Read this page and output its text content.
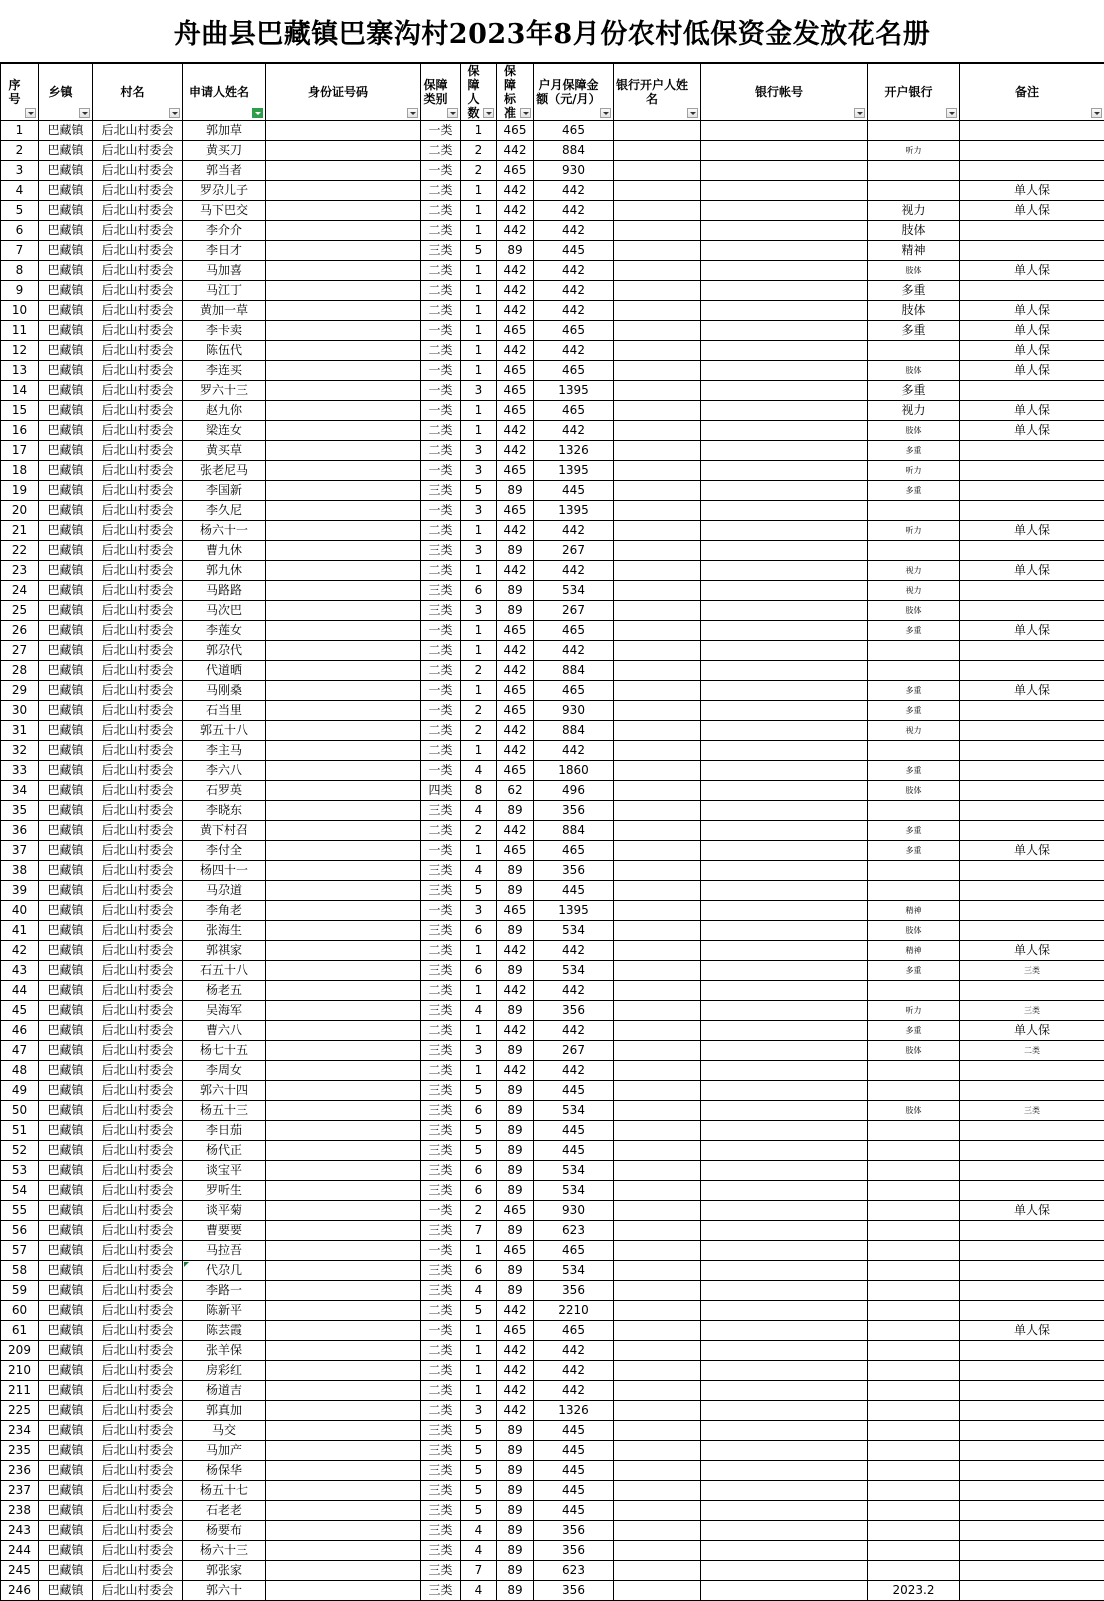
舟曲县巴藏镇巴寨沟村2023年8月份农村低保资金发放花名册
序号	乡镇	村名	申请人姓名	身份证号码	保障类别	保障人数	保障标准	户月保障金额（元/月）	银行开户人姓名	银行帐号	开户银行	备注

1	巴藏镇	后北山村委会	郭加草		一类	1	465	465				
2	巴藏镇	后北山村委会	黄买刀		二类	2	442	884			听力	
3	巴藏镇	后北山村委会	郭当者		一类	2	465	930				
4	巴藏镇	后北山村委会	罗尕儿子		二类	1	442	442				单人保
5	巴藏镇	后北山村委会	马下巴交		二类	1	442	442			视力	单人保
6	巴藏镇	后北山村委会	李介介		二类	1	442	442			肢体	
7	巴藏镇	后北山村委会	李日才		三类	5	89	445			精神	
8	巴藏镇	后北山村委会	马加喜		二类	1	442	442			肢体	单人保
9	巴藏镇	后北山村委会	马江丁		二类	1	442	442			多重	
10	巴藏镇	后北山村委会	黄加一草		二类	1	442	442			肢体	单人保
11	巴藏镇	后北山村委会	李卡卖		一类	1	465	465			多重	单人保
12	巴藏镇	后北山村委会	陈伍代		二类	1	442	442				单人保
13	巴藏镇	后北山村委会	李连买		一类	1	465	465			肢体	单人保
14	巴藏镇	后北山村委会	罗六十三		一类	3	465	1395			多重	
15	巴藏镇	后北山村委会	赵九你		一类	1	465	465			视力	单人保
16	巴藏镇	后北山村委会	梁连女		二类	1	442	442			肢体	单人保
17	巴藏镇	后北山村委会	黄买草		二类	3	442	1326			多重	
18	巴藏镇	后北山村委会	张老尼马		一类	3	465	1395			听力	
19	巴藏镇	后北山村委会	李国新		三类	5	89	445			多重	
20	巴藏镇	后北山村委会	李久尼		一类	3	465	1395				
21	巴藏镇	后北山村委会	杨六十一		二类	1	442	442			听力	单人保
22	巴藏镇	后北山村委会	曹九休		三类	3	89	267				
23	巴藏镇	后北山村委会	郭九休		二类	1	442	442			视力	单人保
24	巴藏镇	后北山村委会	马路路		三类	6	89	534			视力	
25	巴藏镇	后北山村委会	马次巴		三类	3	89	267			肢体	
26	巴藏镇	后北山村委会	李莲女		一类	1	465	465			多重	单人保
27	巴藏镇	后北山村委会	郭尕代		二类	1	442	442				
28	巴藏镇	后北山村委会	代道晒		二类	2	442	884				
29	巴藏镇	后北山村委会	马刚桑		一类	1	465	465			多重	单人保
30	巴藏镇	后北山村委会	石当里		一类	2	465	930			多重	
31	巴藏镇	后北山村委会	郭五十八		二类	2	442	884			视力	
32	巴藏镇	后北山村委会	李主马		二类	1	442	442				
33	巴藏镇	后北山村委会	李六八		一类	4	465	1860			多重	
34	巴藏镇	后北山村委会	石罗英		四类	8	62	496			肢体	
35	巴藏镇	后北山村委会	李晓东		三类	4	89	356				
36	巴藏镇	后北山村委会	黄下村召		二类	2	442	884			多重	
37	巴藏镇	后北山村委会	李付全		一类	1	465	465			多重	单人保
38	巴藏镇	后北山村委会	杨四十一		三类	4	89	356				
39	巴藏镇	后北山村委会	马尕道		三类	5	89	445				
40	巴藏镇	后北山村委会	李角老		一类	3	465	1395			精神	
41	巴藏镇	后北山村委会	张海生		三类	6	89	534			肢体	
42	巴藏镇	后北山村委会	郭祺家		二类	1	442	442			精神	单人保
43	巴藏镇	后北山村委会	石五十八		三类	6	89	534			多重	三类
44	巴藏镇	后北山村委会	杨老五		二类	1	442	442				
45	巴藏镇	后北山村委会	吴海军		三类	4	89	356			听力	三类
46	巴藏镇	后北山村委会	曹六八		二类	1	442	442			多重	单人保
47	巴藏镇	后北山村委会	杨七十五		三类	3	89	267			肢体	二类
48	巴藏镇	后北山村委会	李周女		二类	1	442	442				
49	巴藏镇	后北山村委会	郭六十四		三类	5	89	445				
50	巴藏镇	后北山村委会	杨五十三		三类	6	89	534			肢体	三类
51	巴藏镇	后北山村委会	李日茄		三类	5	89	445				
52	巴藏镇	后北山村委会	杨代正		三类	5	89	445				
53	巴藏镇	后北山村委会	谈宝平		三类	6	89	534				
54	巴藏镇	后北山村委会	罗听生		三类	6	89	534				
55	巴藏镇	后北山村委会	谈平菊		一类	2	465	930				单人保
56	巴藏镇	后北山村委会	曹要要		三类	7	89	623				
57	巴藏镇	后北山村委会	马拉吾		一类	1	465	465				
58	巴藏镇	后北山村委会	代尕几		三类	6	89	534				
59	巴藏镇	后北山村委会	李路一		三类	4	89	356				
60	巴藏镇	后北山村委会	陈新平		二类	5	442	2210				
61	巴藏镇	后北山村委会	陈芸霞		一类	1	465	465				单人保
209	巴藏镇	后北山村委会	张羊保		二类	1	442	442				
210	巴藏镇	后北山村委会	房彩红		二类	1	442	442				
211	巴藏镇	后北山村委会	杨道吉		二类	1	442	442				
225	巴藏镇	后北山村委会	郭真加		二类	3	442	1326				
234	巴藏镇	后北山村委会	马交		三类	5	89	445				
235	巴藏镇	后北山村委会	马加产		三类	5	89	445				
236	巴藏镇	后北山村委会	杨保华		三类	5	89	445				
237	巴藏镇	后北山村委会	杨五十七		三类	5	89	445				
238	巴藏镇	后北山村委会	石老老		三类	5	89	445				
243	巴藏镇	后北山村委会	杨要布		三类	4	89	356				
244	巴藏镇	后北山村委会	杨六十三		三类	4	89	356				
245	巴藏镇	后北山村委会	郭张家		三类	7	89	623				
246	巴藏镇	后北山村委会	郭六十		三类	4	89	356			2023.2	
